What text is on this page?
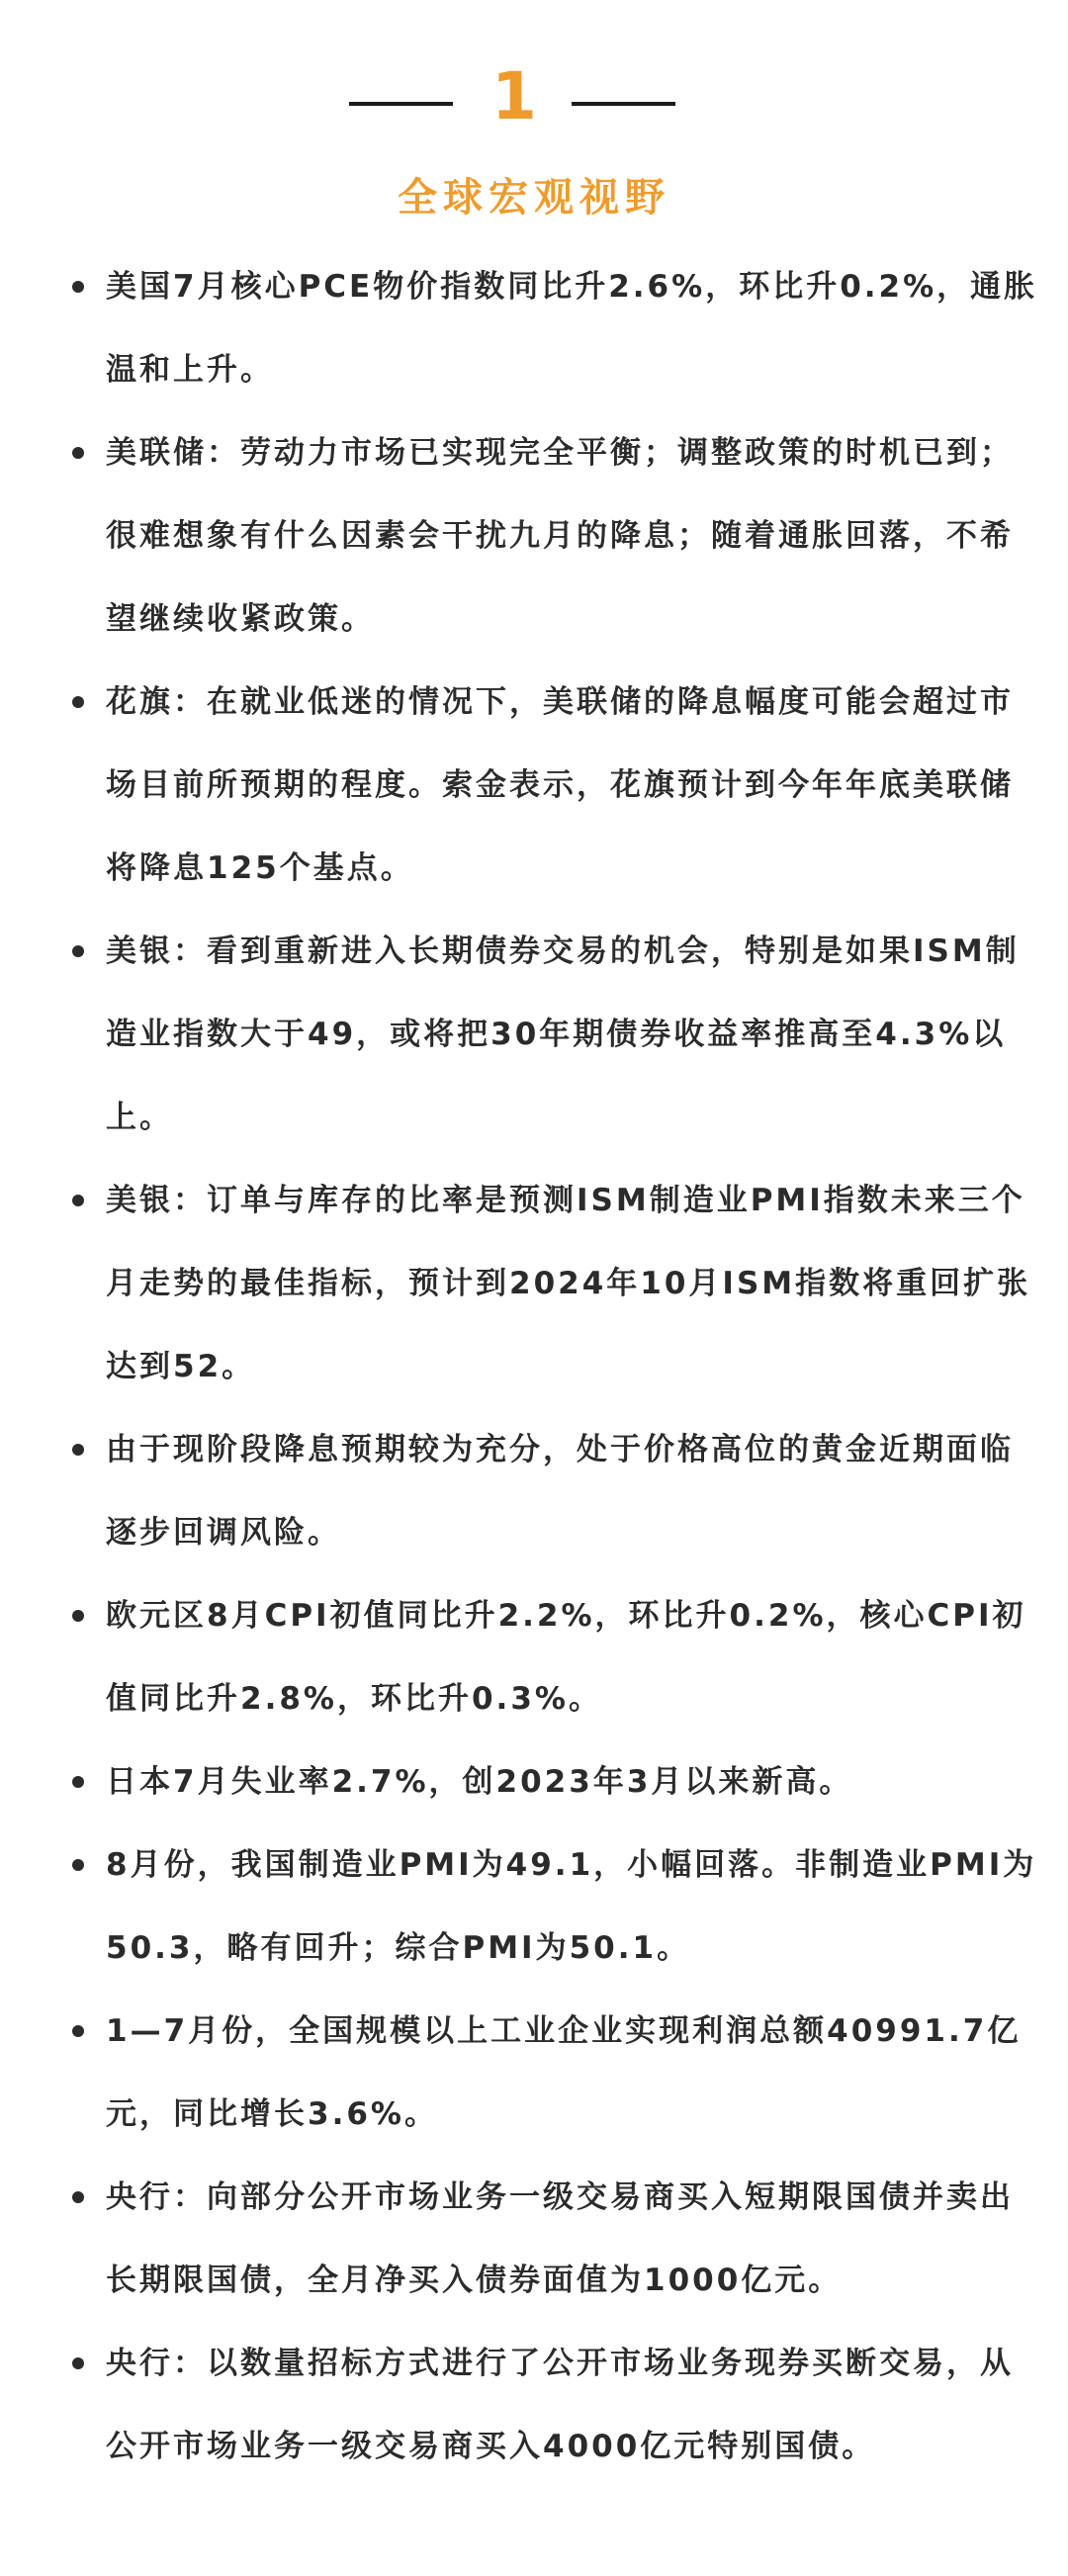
1
全球宏观视野
美国7月核心PCE物价指数同比升2.6%，环比升0.2%，通胀温和上升。
美联储：劳动力市场已实现完全平衡；调整政策的时机已到；很难想象有什么因素会干扰九月的降息；随着通胀回落，不希望继续收紧政策。
花旗：在就业低迷的情况下，美联储的降息幅度可能会超过市场目前所预期的程度。索金表示，花旗预计到今年年底美联储将降息125个基点。
美银：看到重新进入长期债券交易的机会，特别是如果ISM制造业指数大于49，或将把30年期债券收益率推高至4.3%以上。
美银：订单与库存的比率是预测ISM制造业PMI指数未来三个月走势的最佳指标，预计到2024年10月ISM指数将重回扩张达到52。
由于现阶段降息预期较为充分，处于价格高位的黄金近期面临逐步回调风险。
欧元区8月CPI初值同比升2.2%，环比升0.2%，核心CPI初值同比升2.8%，环比升0.3%。
日本7月失业率2.7%，创2023年3月以来新高。
8月份，我国制造业PMI为49.1，小幅回落。非制造业PMI为50.3，略有回升；综合PMI为50.1。
1—7月份，全国规模以上工业企业实现利润总额40991.7亿元，同比增长3.6%。
央行：向部分公开市场业务一级交易商买入短期限国债并卖出长期限国债，全月净买入债券面值为1000亿元。
央行：以数量招标方式进行了公开市场业务现券买断交易，从公开市场业务一级交易商买入4000亿元特别国债。
